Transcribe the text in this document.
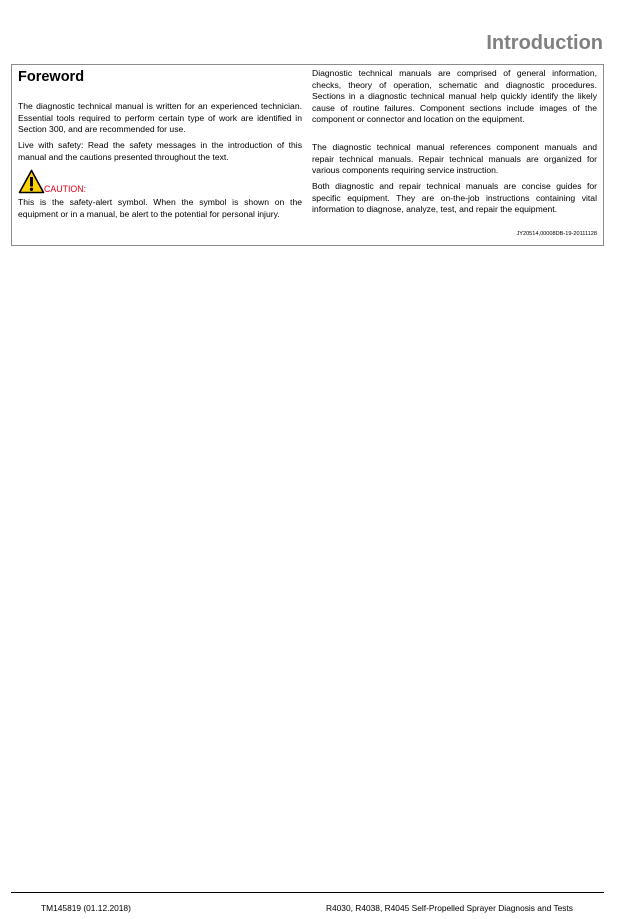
Introduction
Foreword

The diagnostic technical manual is written for an experienced technician. Essential tools required to perform certain type of work are identified in Section 300, and are recommended for use.

Live with safety: Read the safety messages in the introduction of this manual and the cautions presented throughout the text.

CAUTION:

This is the safety-alert symbol. When the symbol is shown on the equipment or in a manual, be alert to the potential for personal injury.

Diagnostic technical manuals are comprised of general information, checks, theory of operation, schematic and diagnostic procedures. Sections in a diagnostic technical manual help quickly identify the likely cause of routine failures. Component sections include images of the component or connector and location on the equipment.

The diagnostic technical manual references component manuals and repair technical manuals. Repair technical manuals are organized for various components requiring service instruction.

Both diagnostic and repair technical manuals are concise guides for specific equipment. They are on-the-job instructions containing vital information to diagnose, analyze, test, and repair the equipment.

JY20514,00008DB-19-20111128
TM145819 (01.12.2018)	R4030, R4038, R4045 Self-Propelled Sprayer Diagnosis and Tests
